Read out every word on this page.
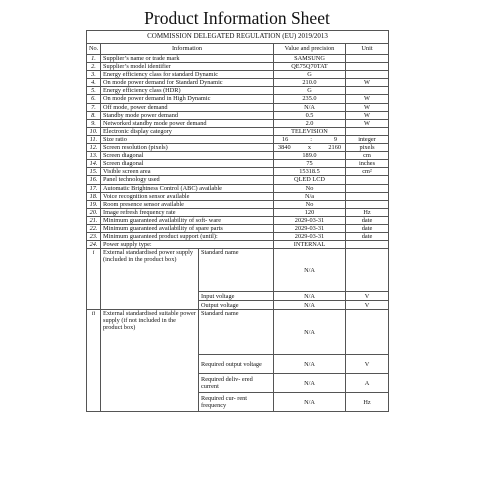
Product Information Sheet
COMMISSION DELEGATED REGULATION (EU) 2019/2013				
No.	Information		Value and precision	Unit
1.	Supplier’s name or trade mark		SAMSUNG	
2.	Supplier’s model identifier		QE75Q70TAT	
3.	Energy efficiency class for standard Dynamic		G	
4.	On mode power demand for Standard Dynamic		210.0	W
5.	Energy efficiency class (HDR)		G	
6.	On mode power demand in High Dynamic		235.0	W
7.	Off mode, power demand		N/A	W
8.	Standby mode power demand		0.5	W
9.	Networked standby mode power demand		2.0	W
10.	Electronic display category		TELEVISION	
11.	Size ratio		16 : 9	integer
12.	Screen resolution (pixels)		3840 x 2160	pixels
13.	Screen diagonal		189.0	cm
14.	Screen diagonal		75	inches
15.	Visible screen area		15318.5	cm²
16.	Panel technology used		QLED LCD	
17.	Automatic Brightness Control (ABC) available		No	
18.	Voice recognition sensor available		N/a	
19.	Room presence sensor available		No	
20.	Image refresh frequency rate		120	Hz
21.	Minimum guaranteed availability of soft- ware		2029-03-31	date
22.	Minimum guaranteed availability of spare parts		2029-03-31	date
23.	Minimum guaranteed product support (until):		2029-03-31	date
24.	Power supply type:		INTERNAL	
i	External standardised power supply (included in the product box)	Standard name	N/A	
		Input voltage	N/A	V
		Output voltage	N/A	V
ii	External standardised suitable power supply (if not included in the product box)	Standard name	N/A	
		Required output voltage	N/A	V
		Required deliv- ered current	N/A	A
		Required cur- rent frequency	N/A	Hz
